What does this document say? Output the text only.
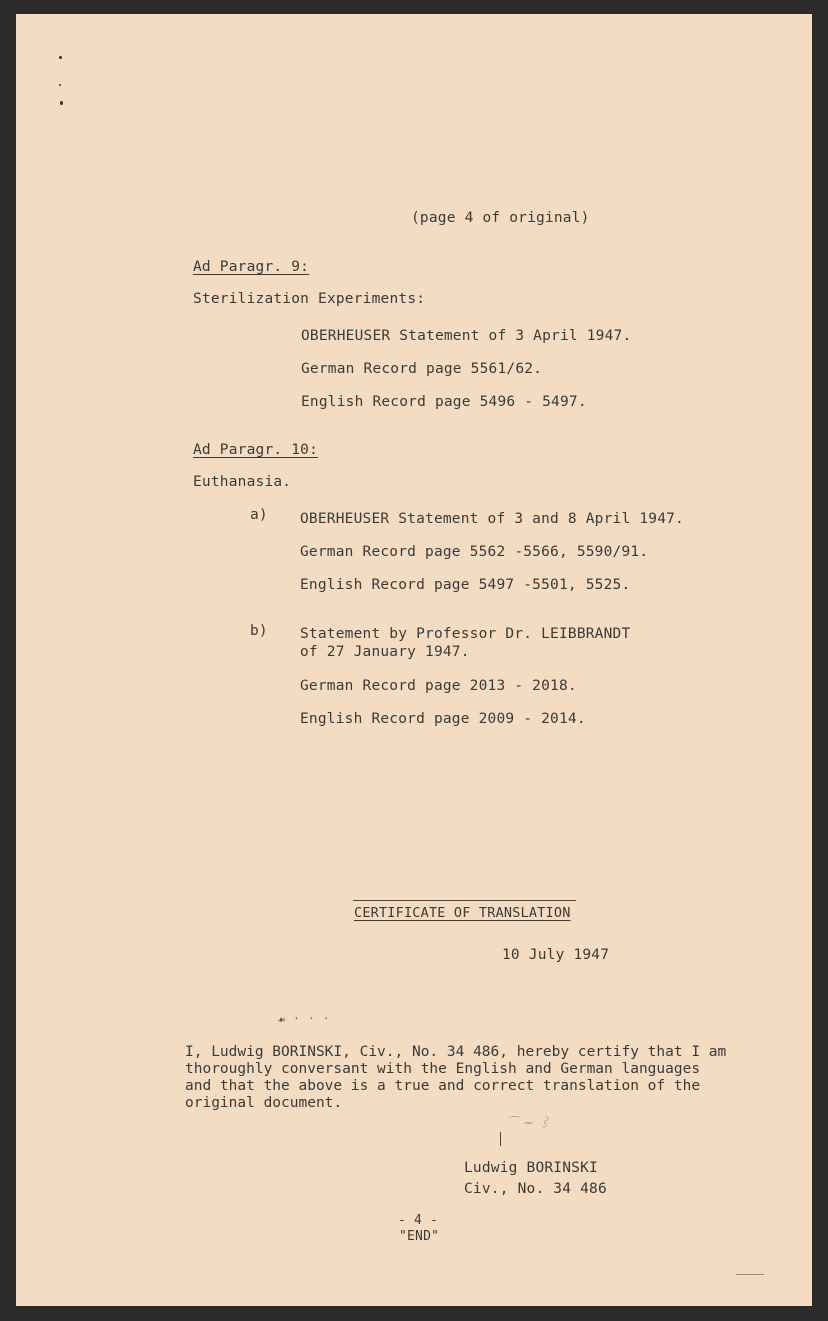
(page 4 of original)
Ad Paragr. 9:
Sterilization Experiments:
OBERHEUSER Statement of 3 April 1947.
German Record page 5561/62.
English Record page 5496 - 5497.
Ad Paragr. 10:
Euthanasia.
a) OBERHEUSER Statement of 3 and 8 April 1947.
German Record page 5562 -5566, 5590/91.
English Record page 5497 -5501, 5525.
b) Statement by Professor Dr. LEIBBRANDT
of 27 January 1947.
German Record page 2013 - 2018.
English Record page 2009 - 2014.
CERTIFICATE OF TRANSLATION
10 July 1947
☙ ˑ ˑ ˑ
I, Ludwig BORINSKI, Civ., No. 34 486, hereby certify that I am
thoroughly conversant with the English and German languages
and that the above is a true and correct translation of the
original document.
⌒ ~ ⌇
Ludwig BORINSKI
Civ., No. 34 486
- 4 -
"END"
